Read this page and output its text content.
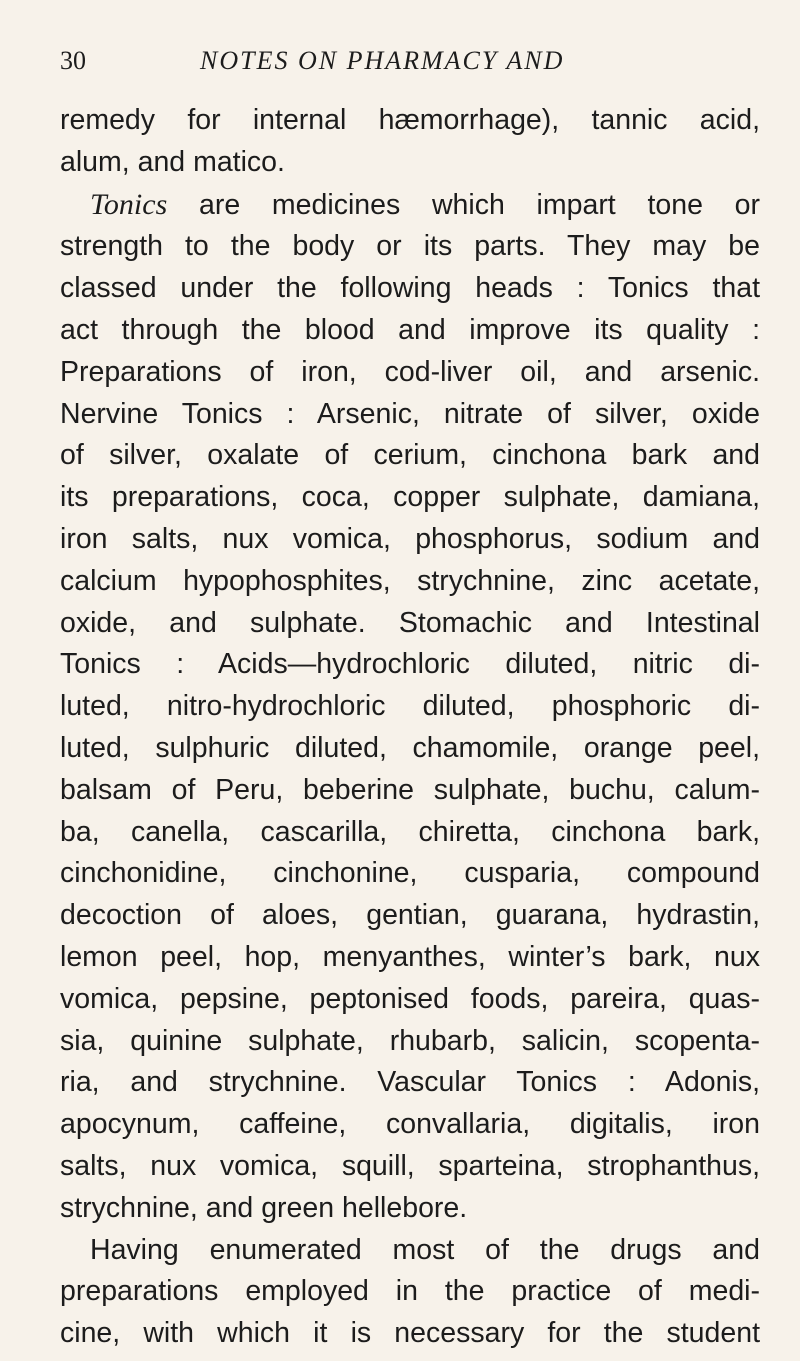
30	NOTES ON PHARMACY AND
remedy for internal hæmorrhage), tannic acid,
alum, and matico.
Tonics are medicines which impart tone or
strength to the body or its parts. They may be
classed under the following heads : Tonics that
act through the blood and improve its quality :
Preparations of iron, cod-liver oil, and arsenic.
Nervine Tonics : Arsenic, nitrate of silver, oxide
of silver, oxalate of cerium, cinchona bark and
its preparations, coca, copper sulphate, damiana,
iron salts, nux vomica, phosphorus, sodium and
calcium hypophosphites, strychnine, zinc acetate,
oxide, and sulphate. Stomachic and Intestinal
Tonics : Acids—hydrochloric diluted, nitric di-
luted, nitro-hydrochloric diluted, phosphoric di-
luted, sulphuric diluted, chamomile, orange peel,
balsam of Peru, beberine sulphate, buchu, calum-
ba, canella, cascarilla, chiretta, cinchona bark,
cinchonidine, cinchonine, cusparia, compound
decoction of aloes, gentian, guarana, hydrastin,
lemon peel, hop, menyanthes, winter’s bark, nux
vomica, pepsine, peptonised foods, pareira, quas-
sia, quinine sulphate, rhubarb, salicin, scopenta-
ria, and strychnine. Vascular Tonics : Adonis,
apocynum, caffeine, convallaria, digitalis, iron
salts, nux vomica, squill, sparteina, strophanthus,
strychnine, and green hellebore.
Having enumerated most of the drugs and
preparations employed in the practice of medi-
cine, with which it is necessary for the student
